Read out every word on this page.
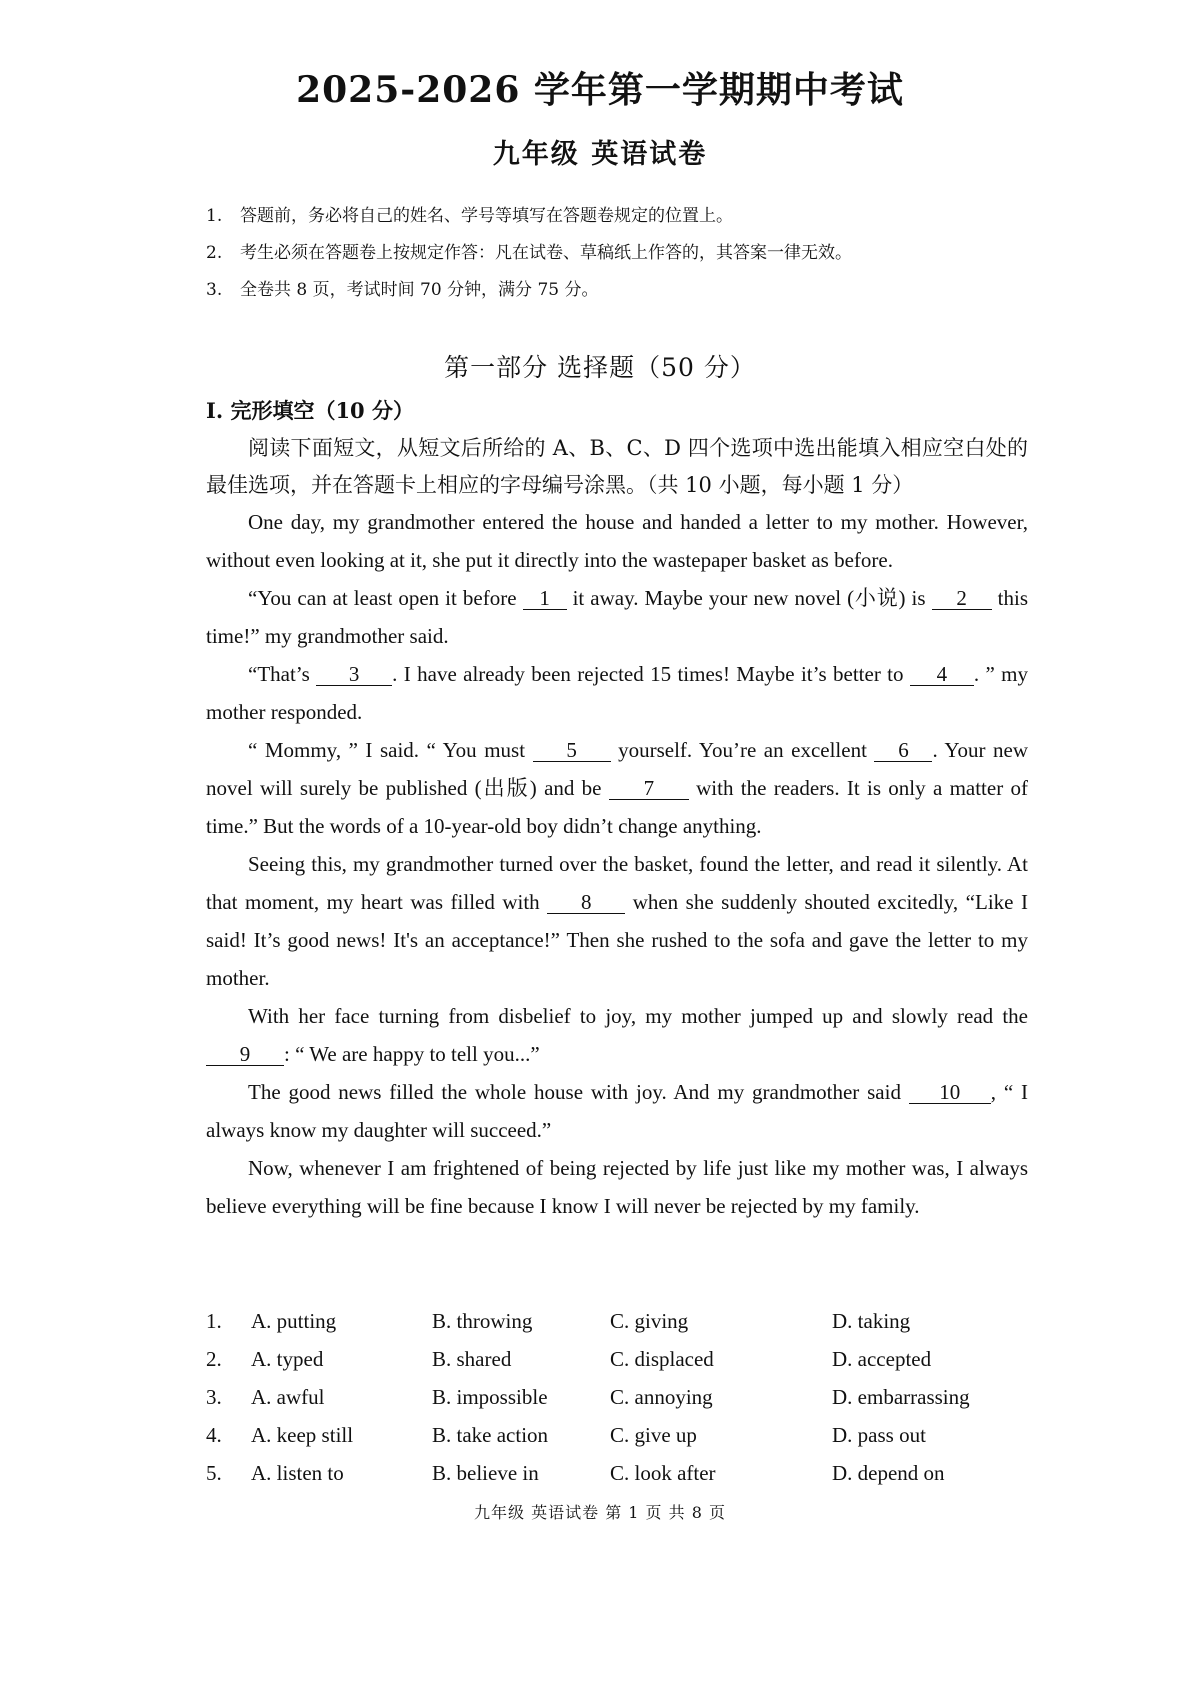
2025-2026 学年第一学期期中考试
九年级 英语试卷
1. 答题前，务必将自己的姓名、学号等填写在答题卷规定的位置上。
2. 考生必须在答题卷上按规定作答：凡在试卷、草稿纸上作答的，其答案一律无效。
3. 全卷共 8 页，考试时间 70 分钟，满分 75 分。
第一部分 选择题（50 分）
I. 完形填空（10 分）
阅读下面短文，从短文后所给的 A、B、C、D 四个选项中选出能填入相应空白处的最佳选项，并在答题卡上相应的字母编号涂黑。（共 10 小题，每小题 1 分）

One day, my grandmother entered the house and handed a letter to my mother. However, without even looking at it, she put it directly into the wastepaper basket as before.

“You can at least open it before 1 it away. Maybe your new novel (小说) is 2 this time!” my grandmother said.

“That’s 3 . I have already been rejected 15 times! Maybe it’s better to 4 . ” my mother responded.

“ Mommy, ” I said. “ You must 5 yourself. You’re an excellent 6 . Your new novel will surely be published (出版) and be 7 with the readers. It is only a matter of time.” But the words of a 10-year-old boy didn’t change anything.

Seeing this, my grandmother turned over the basket, found the letter, and read it silently. At that moment, my heart was filled with 8 when she suddenly shouted excitedly, “Like I said! It’s good news! It's an acceptance!” Then she rushed to the sofa and gave the letter to my mother.

With her face turning from disbelief to joy, my mother jumped up and slowly read the 9 : “ We are happy to tell you...”

The good news filled the whole house with joy. And my grandmother said 10 , “ I always know my daughter will succeed.”

Now, whenever I am frightened of being rejected by life just like my mother was, I always believe everything will be fine because I know I will never be rejected by my family.

1. A. putting	B. throwing	C. giving	D. taking
2. A. typed	B. shared	C. displaced	D. accepted
3. A. awful	B. impossible	C. annoying	D. embarrassing
4. A. keep still	B. take action	C. give up	D. pass out
5. A. listen to	B. believe in	C. look after	D. depend on
九年级 英语试卷 第 1 页 共 8 页
